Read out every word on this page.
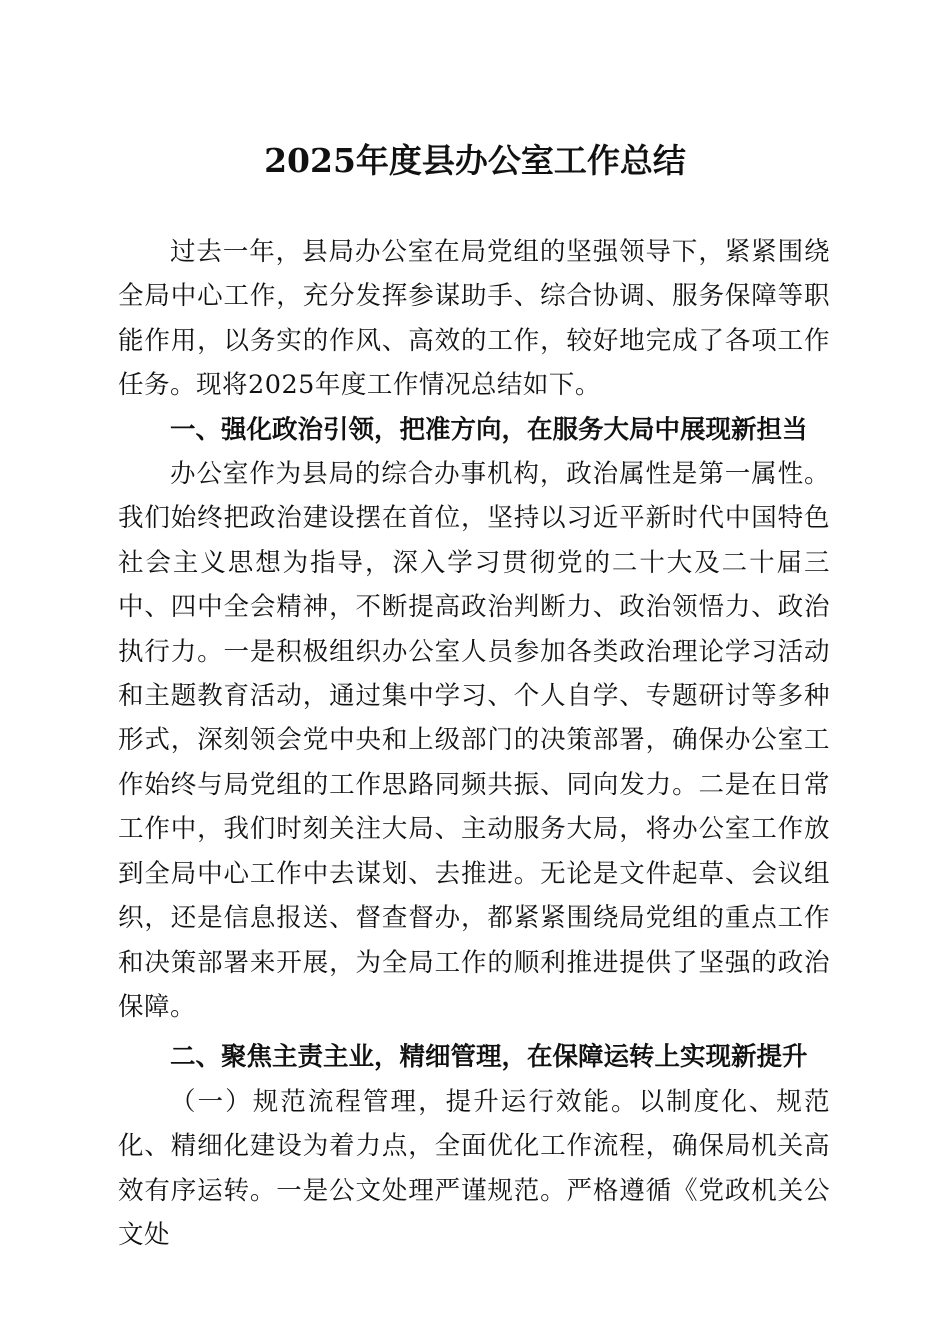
2025年度县办公室工作总结

过去一年，县局办公室在局党组的坚强领导下，紧紧围绕全局中心工作，充分发挥参谋助手、综合协调、服务保障等职能作用，以务实的作风、高效的工作，较好地完成了各项工作任务。现将2025年度工作情况总结如下。

一、强化政治引领，把准方向，在服务大局中展现新担当

办公室作为县局的综合办事机构，政治属性是第一属性。我们始终把政治建设摆在首位，坚持以习近平新时代中国特色社会主义思想为指导，深入学习贯彻党的二十大及二十届三中、四中全会精神，不断提高政治判断力、政治领悟力、政治执行力。一是积极组织办公室人员参加各类政治理论学习活动和主题教育活动，通过集中学习、个人自学、专题研讨等多种形式，深刻领会党中央和上级部门的决策部署，确保办公室工作始终与局党组的工作思路同频共振、同向发力。二是在日常工作中，我们时刻关注大局、主动服务大局，将办公室工作放到全局中心工作中去谋划、去推进。无论是文件起草、会议组织，还是信息报送、督查督办，都紧紧围绕局党组的重点工作和决策部署来开展，为全局工作的顺利推进提供了坚强的政治保障。

二、聚焦主责主业，精细管理，在保障运转上实现新提升

（一）规范流程管理，提升运行效能。以制度化、规范化、精细化建设为着力点，全面优化工作流程，确保局机关高效有序运转。一是公文处理严谨规范。严格遵循《党政机关公文处
